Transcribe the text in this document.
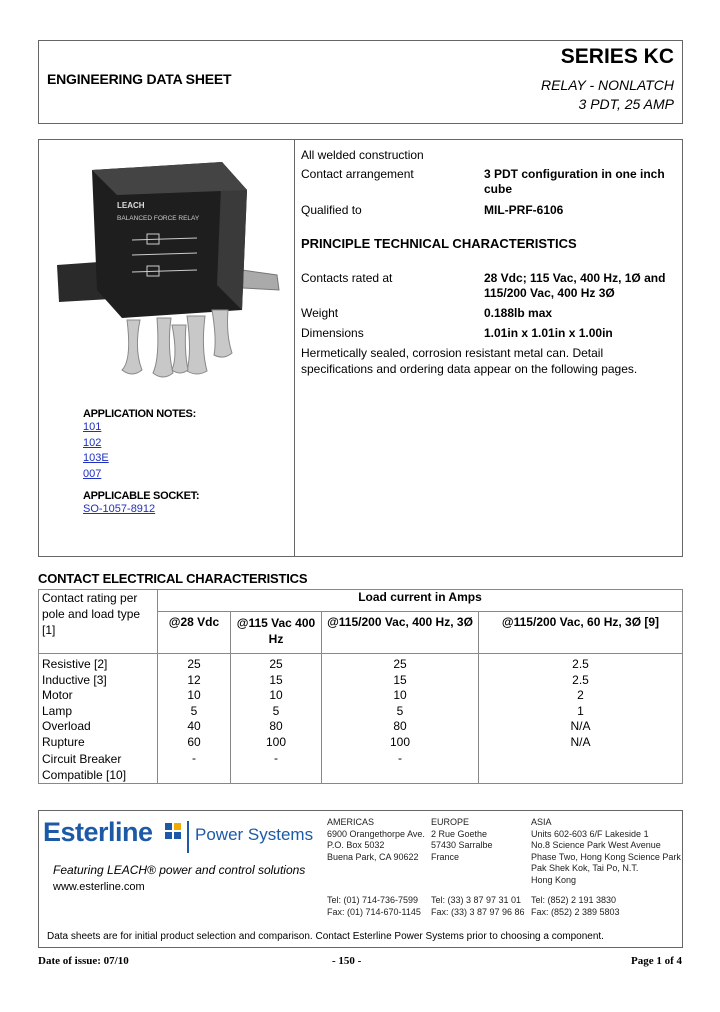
ENGINEERING DATA SHEET
SERIES KC
RELAY - NONLATCH
3 PDT, 25 AMP
LEACH
BALANCED FORCE RELAY
APPLICATION NOTES:
101
102
103E
007
APPLICABLE SOCKET:
SO-1057-8912
All welded construction
Contact arrangement	3 PDT configuration in one inch cube
Qualified to	MIL-PRF-6106
PRINCIPLE TECHNICAL CHARACTERISTICS
Contacts rated at	28 Vdc; 115 Vac, 400 Hz, 1Ø and 115/200 Vac, 400 Hz 3Ø
Weight	0.188lb max
Dimensions	1.01in x 1.01in x 1.00in
Hermetically sealed, corrosion resistant metal can. Detail specifications and ordering data appear on the following pages.
CONTACT ELECTRICAL CHARACTERISTICS
Contact rating per pole and load type [1]	Load current in Amps			
	@28 Vdc	@115 Vac 400 Hz	@115/200 Vac, 400 Hz, 3Ø	@115/200 Vac, 60 Hz, 3Ø [9]
Resistive [2]	25	25	25	2.5
Inductive [3]	12	15	15	2.5
Motor	10	10	10	2
Lamp	5	5	5	1
Overload	40	80	80	N/A
Rupture	60	100	100	N/A
Circuit Breaker Compatible [10]	-	-	-	
Esterline Power Systems
Featuring LEACH® power and control solutions
www.esterline.com
AMERICAS
6900 Orangethorpe Ave.
P.O. Box 5032
Buena Park, CA 90622
Tel: (01) 714-736-7599
Fax: (01) 714-670-1145
EUROPE
2 Rue Goethe
57430 Sarralbe
France
Tel: (33) 3 87 97 31 01
Fax: (33) 3 87 97 96 86
ASIA
Units 602-603 6/F Lakeside 1
No.8 Science Park West Avenue
Phase Two, Hong Kong Science Park
Pak Shek Kok, Tai Po, N.T.
Hong Kong
Tel: (852) 2 191 3830
Fax: (852) 2 389 5803
Data sheets are for initial product selection and comparison. Contact Esterline Power Systems prior to choosing a component.
Date of issue: 07/10	- 150 -	Page 1 of 4
